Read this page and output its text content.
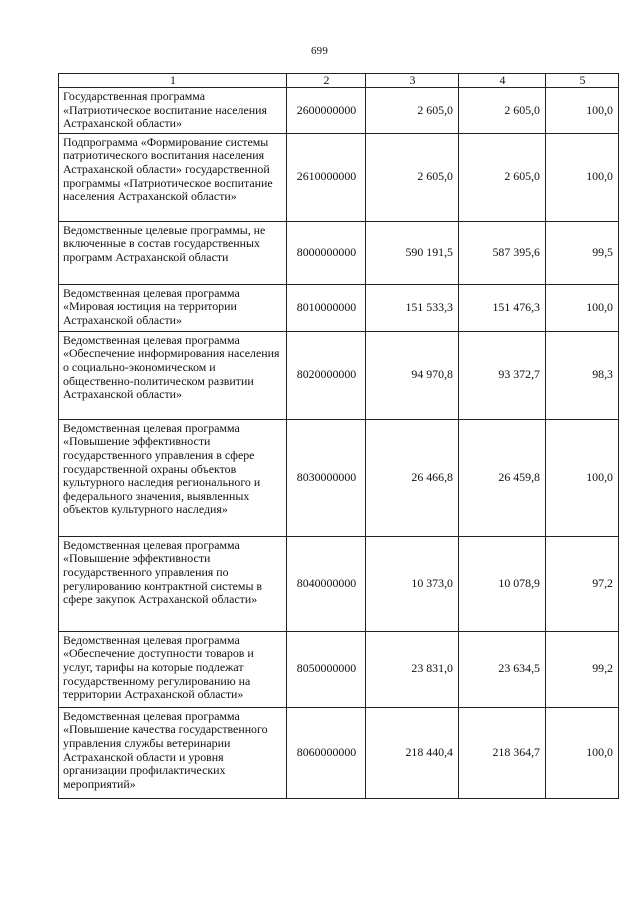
699
1	2	3	4	5
Государственная программа «Патриотическое воспитание населения Астраханской области»	2600000000	2 605,0	2 605,0	100,0
Подпрограмма «Формирование системы патриотического воспитания населения Астраханской области» государственной программы «Патриотическое воспитание населения Астраханской области»	2610000000	2 605,0	2 605,0	100,0
Ведомственные целевые программы, не включенные в состав государственных программ Астраханской области	8000000000	590 191,5	587 395,6	99,5
Ведомственная целевая программа «Мировая юстиция на территории Астраханской области»	8010000000	151 533,3	151 476,3	100,0
Ведомственная целевая программа «Обеспечение информирования населения о социально-экономическом и общественно-политическом развитии Астраханской области»	8020000000	94 970,8	93 372,7	98,3
Ведомственная целевая программа «Повышение эффективности государственного управления в сфере государственной охраны объектов культурного наследия регионального и федерального значения, выявленных объектов культурного наследия»	8030000000	26 466,8	26 459,8	100,0
Ведомственная целевая программа «Повышение эффективности государственного управления по регулированию контрактной системы в сфере закупок Астраханской области»	8040000000	10 373,0	10 078,9	97,2
Ведомственная целевая программа «Обеспечение доступности товаров и услуг, тарифы на которые подлежат государственному регулированию на территории Астраханской области»	8050000000	23 831,0	23 634,5	99,2
Ведомственная целевая программа «Повышение качества государственного управления службы ветеринарии Астраханской области и уровня организации профилактических мероприятий»	8060000000	218 440,4	218 364,7	100,0
